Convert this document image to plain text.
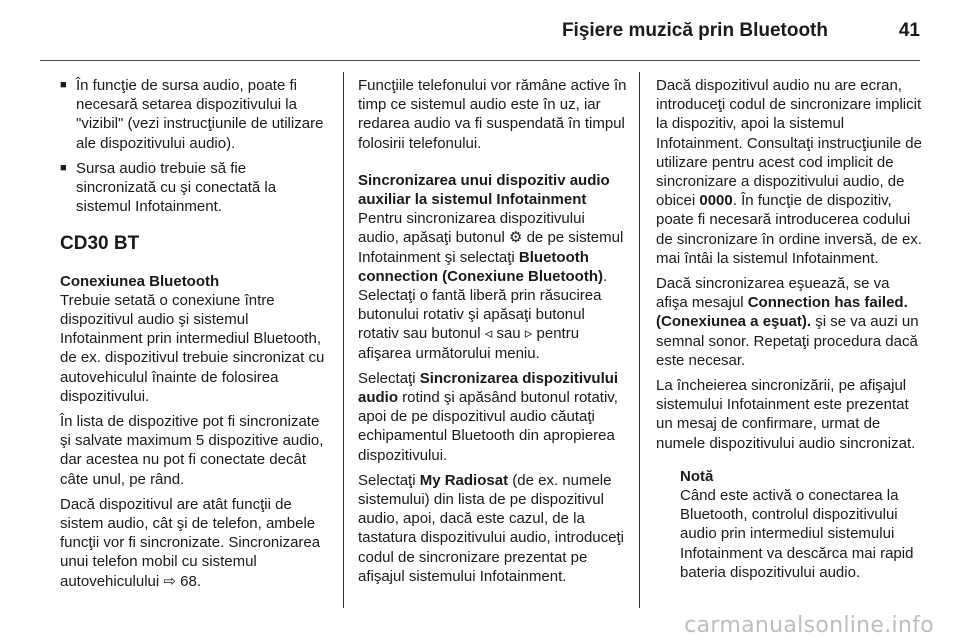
Fişiere muzică prin Bluetooth	41
■ În funcţie de sursa audio, poate fi necesară setarea dispozitivului la "vizibil" (vezi instrucţiunile de utilizare ale dispozitivului audio).
■ Sursa audio trebuie să fie sincronizată cu şi conectată la sistemul Infotainment.
CD30 BT
Conexiunea Bluetooth

Trebuie setată o conexiune între dispozitivul audio şi sistemul Infotainment prin intermediul Bluetooth, de ex. dispozitivul trebuie sincronizat cu autovehiculul înainte de folosirea dispozitivului.

În lista de dispozitive pot fi sincronizate şi salvate maximum 5 dispozitive audio, dar acestea nu pot fi conectate decât câte unul, pe rând.

Dacă dispozitivul are atât funcţii de sistem audio, cât şi de telefon, ambele funcţii vor fi sincronizate. Sincronizarea unui telefon mobil cu sistemul autovehiculului ⇨ 68.

Funcţiile telefonului vor rămâne active în timp ce sistemul audio este în uz, iar redarea audio va fi suspendată în timpul folosirii telefonului.

Sincronizarea unui dispozitiv audio auxiliar la sistemul Infotainment

Pentru sincronizarea dispozitivului audio, apăsaţi butonul ⚙ de pe sistemul Infotainment şi selectaţi Bluetooth connection (Conexiune Bluetooth). Selectaţi o fantă liberă prin răsucirea butonului rotativ şi apăsaţi butonul rotativ sau butonul ◃ sau ▹ pentru afişarea următorului meniu.

Selectaţi Sincronizarea dispozitivului audio rotind şi apăsând butonul rotativ, apoi de pe dispozitivul audio căutaţi echipamentul Bluetooth din apropierea dispozitivului.

Selectaţi My Radiosat (de ex. numele sistemului) din lista de pe dispozitivul audio, apoi, dacă este cazul, de la tastatura dispozitivului audio, introduceţi codul de sincronizare prezentat pe afişajul sistemului Infotainment.

Dacă dispozitivul audio nu are ecran, introduceţi codul de sincronizare implicit la dispozitiv, apoi la sistemul Infotainment. Consultaţi instrucţiunile de utilizare pentru acest cod implicit de sincronizare a dispozitivului audio, de obicei 0000. În funcţie de dispozitiv, poate fi necesară introducerea codului de sincronizare în ordine inversă, de ex. mai întâi la sistemul Infotainment.

Dacă sincronizarea eşuează, se va afişa mesajul Connection has failed. (Conexiunea a eşuat). şi se va auzi un semnal sonor. Repetaţi procedura dacă este necesar.

La încheierea sincronizării, pe afişajul sistemului Infotainment este prezentat un mesaj de confirmare, urmat de numele dispozitivului audio sincronizat.

Notă
Când este activă o conectarea la Bluetooth, controlul dispozitivului audio prin intermediul sistemului Infotainment va descărca mai rapid bateria dispozitivului audio.
carmanualsonline.info
